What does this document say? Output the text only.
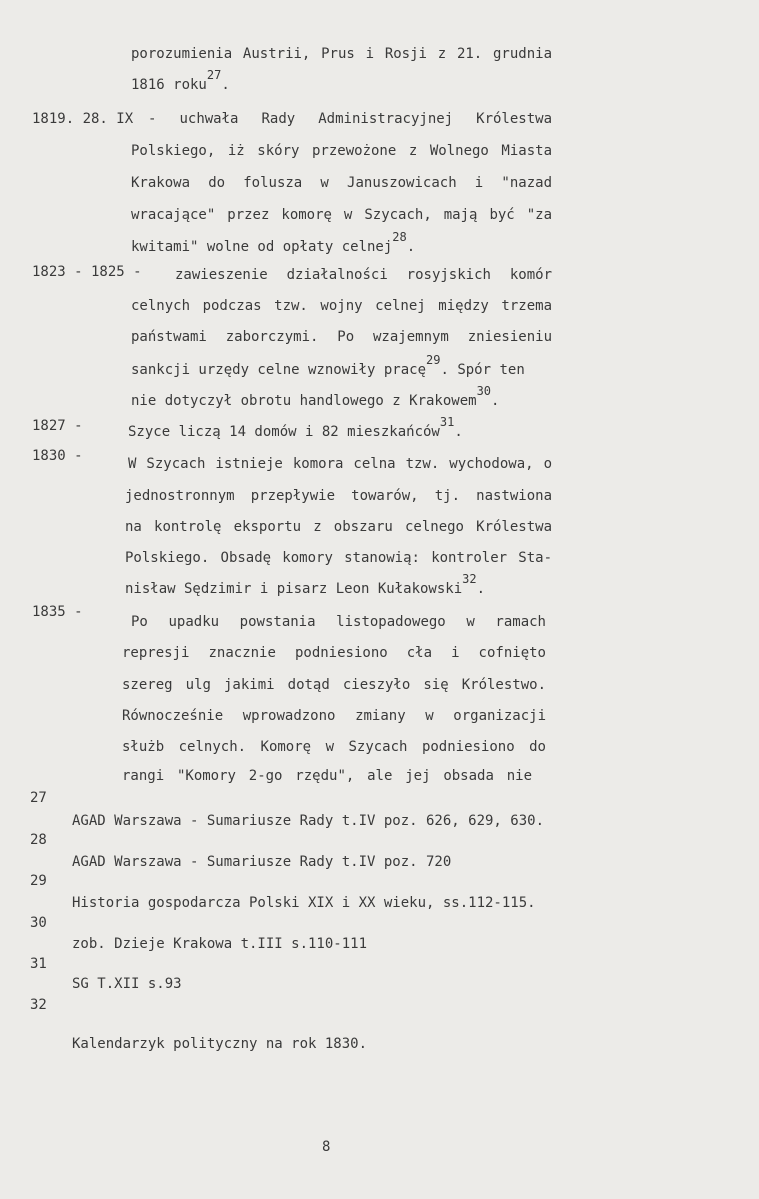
porozumienia Austrii, Prus i Rosji z 21. grudnia
1816 roku27.
1819. 28. IX - uchwała Rady Administracyjnej Królestwa
Polskiego, iż skóry przewożone z Wolnego Miasta
Krakowa do folusza w Januszowicach i "nazad
wracające" przez komorę w Szycach, mają być "za
kwitami" wolne od opłaty celnej28.
1823 - 1825 - zawieszenie działalności rosyjskich komór
celnych podczas tzw. wojny celnej między trzema
państwami zaborczymi. Po wzajemnym zniesieniu
sankcji urzędy celne wznowiły pracę29. Spór ten
nie dotyczył obrotu handlowego z Krakowem30.
1827 -	Szyce liczą 14 domów i 82 mieszkańców31.
1830 -	W Szycach istnieje komora celna tzw. wychodowa, o
jednostronnym przepływie towarów, tj. nastwiona
na kontrolę eksportu z obszaru celnego Królestwa
Polskiego. Obsadę komory stanowią: kontroler Sta-
nisław Sędzimir i pisarz Leon Kułakowski32.
1835 -
Po upadku powstania listopadowego w ramach
represji znacznie podniesiono cła i cofnięto
szereg ulg jakimi dotąd cieszyło się Królestwo.
Równocześnie wprowadzono zmiany w organizacji
służb celnych. Komorę w Szycach podniesiono do
rangi "Komory 2-go rzędu", ale jej obsada nie
27
AGAD Warszawa - Sumariusze Rady t.IV poz. 626, 629, 630.
28
AGAD Warszawa - Sumariusze Rady t.IV poz. 720
29
Historia gospodarcza Polski XIX i XX wieku, ss.112-115.
30
zob. Dzieje Krakowa t.III s.110-111
31
SG T.XII s.93
32
Kalendarzyk polityczny na rok 1830.
8
